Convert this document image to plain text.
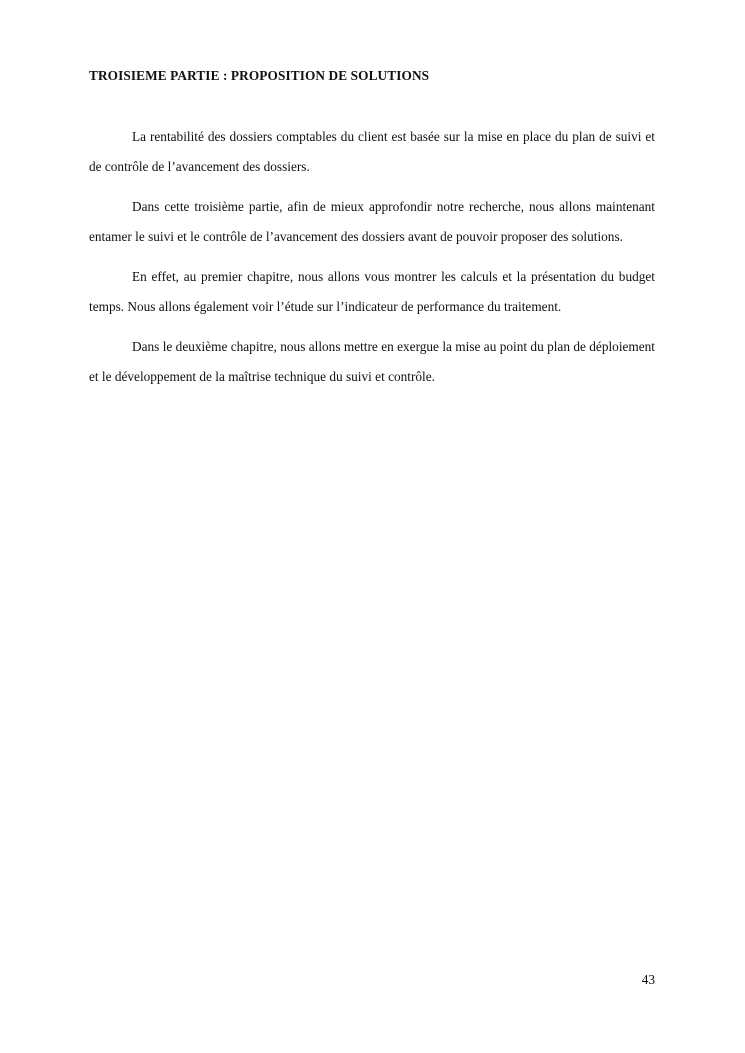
TROISIEME PARTIE : PROPOSITION DE SOLUTIONS

La rentabilité des dossiers comptables du client est basée sur la mise en place du plan de suivi et de contrôle de l’avancement des dossiers.

Dans cette troisième partie, afin de mieux approfondir notre recherche, nous allons maintenant entamer le suivi et le contrôle de l’avancement des dossiers avant de pouvoir proposer des solutions.

En effet, au premier chapitre, nous allons vous montrer les calculs et la présentation du budget temps. Nous allons également voir l’étude sur l’indicateur de performance du traitement.

Dans le deuxième chapitre, nous allons mettre en exergue la mise au point du plan de déploiement et le développement de la maîtrise technique du suivi et contrôle.

43
